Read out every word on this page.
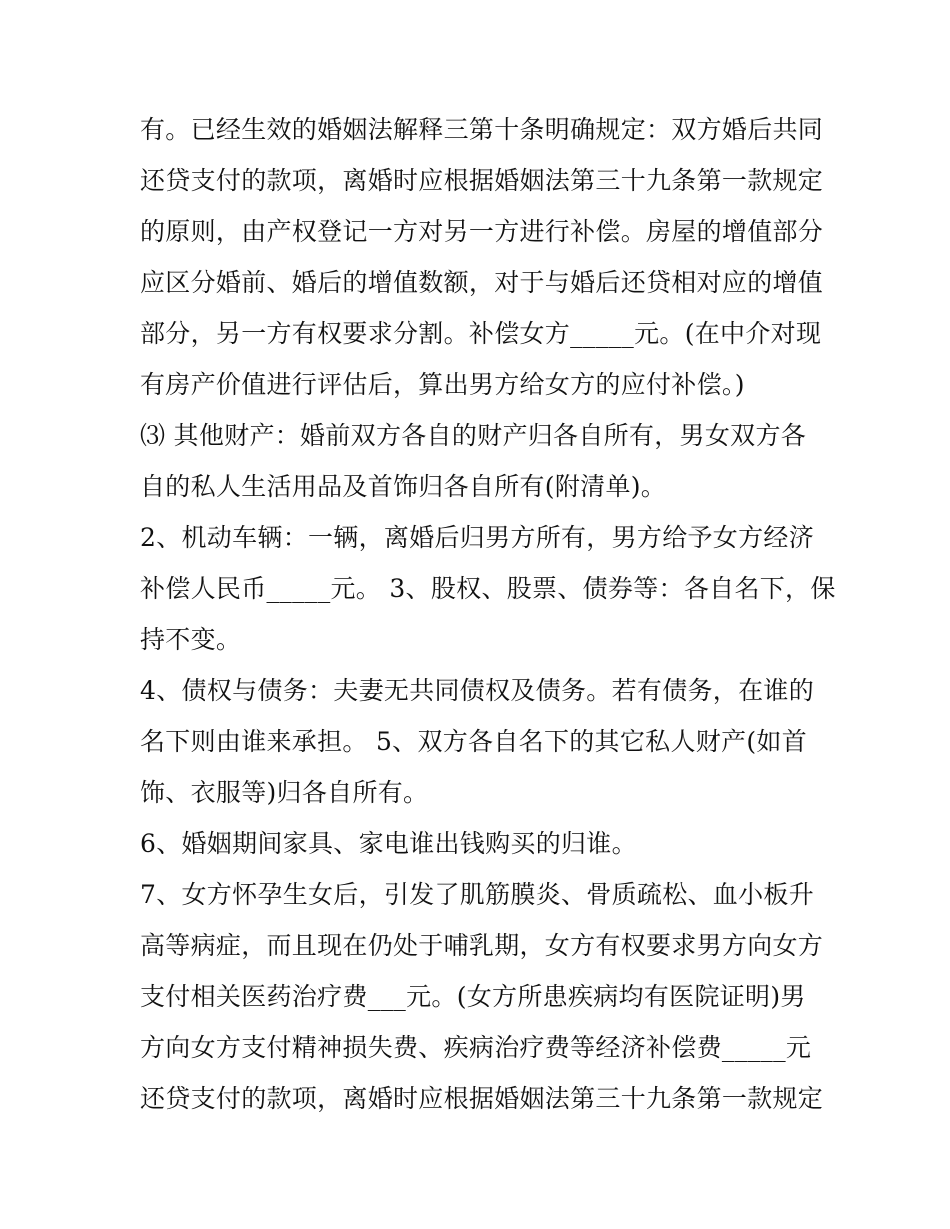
有。已经生效的婚姻法解释三第十条明确规定：双方婚后共同
还贷支付的款项，离婚时应根据婚姻法第三十九条第一款规定
的原则，由产权登记一方对另一方进行补偿。房屋的增值部分
应区分婚前、婚后的增值数额，对于与婚后还贷相对应的增值
部分，另一方有权要求分割。补偿女方_____元。(在中介对现
有房产价值进行评估后，算出男方给女方的应付补偿。)
⑶ 其他财产：婚前双方各自的财产归各自所有，男女双方各
自的私人生活用品及首饰归各自所有(附清单)。
2、机动车辆：一辆，离婚后归男方所有，男方给予女方经济
补偿人民币_____元。 3、股权、股票、债券等：各自名下，保
持不变。
4、债权与债务：夫妻无共同债权及债务。若有债务，在谁的
名下则由谁来承担。 5、双方各自名下的其它私人财产(如首
饰、衣服等)归各自所有。
6、婚姻期间家具、家电谁出钱购买的归谁。
7、女方怀孕生女后，引发了肌筋膜炎、骨质疏松、血小板升
高等病症，而且现在仍处于哺乳期，女方有权要求男方向女方
支付相关医药治疗费___元。(女方所患疾病均有医院证明)男
方向女方支付精神损失费、疾病治疗费等经济补偿费_____元
还贷支付的款项，离婚时应根据婚姻法第三十九条第一款规定
